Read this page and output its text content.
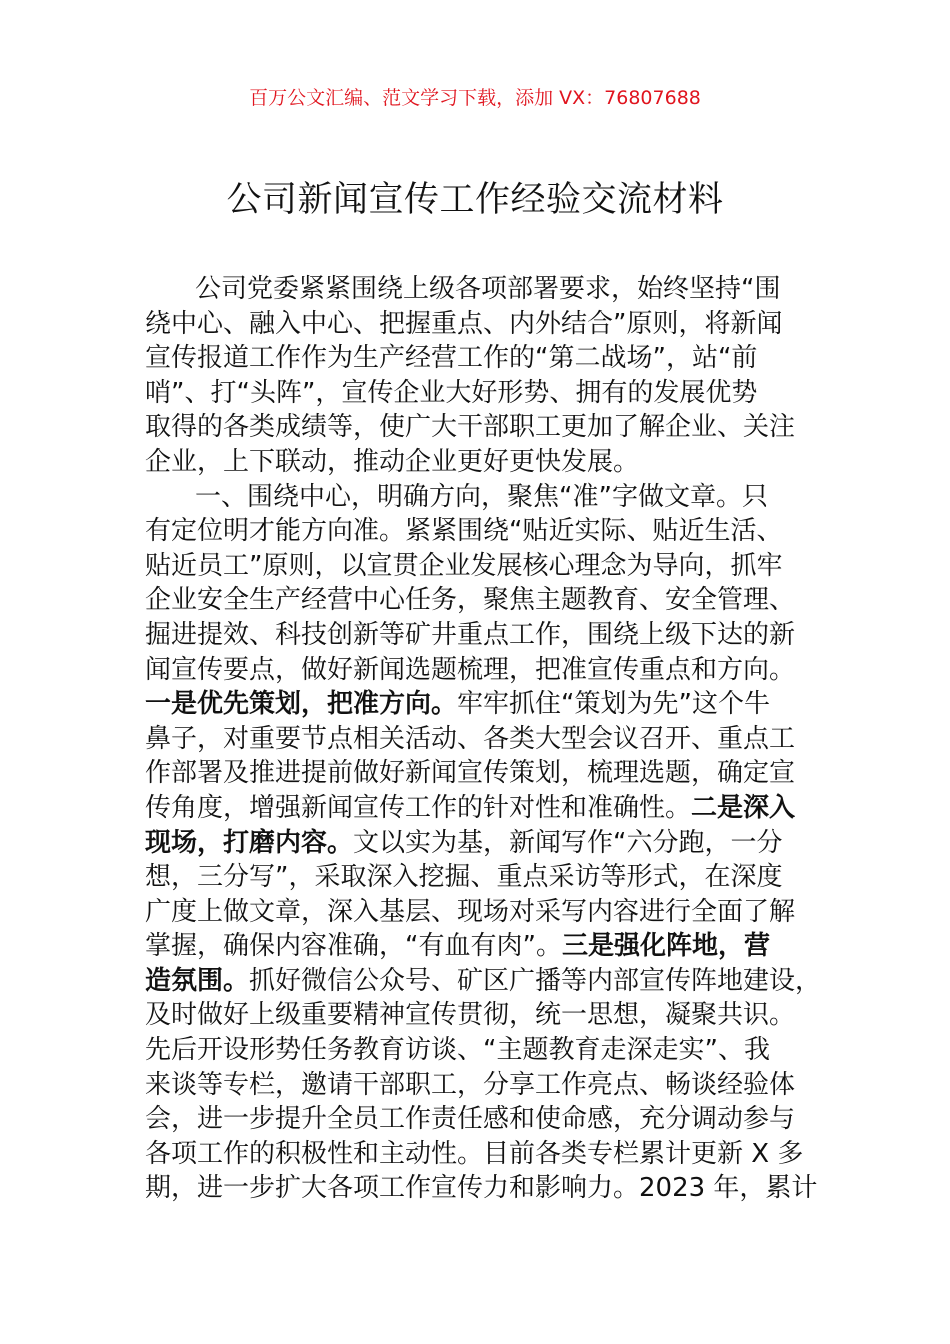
百万公文汇编、范文学习下载，添加 VX：76807688
公司新闻宣传工作经验交流材料
公司党委紧紧围绕上级各项部署要求，始终坚持“围
绕中心、融入中心、把握重点、内外结合”原则，将新闻
宣传报道工作作为生产经营工作的“第二战场”，站“前
哨”、打“头阵”，宣传企业大好形势、拥有的发展优势
取得的各类成绩等，使广大干部职工更加了解企业、关注
企业，上下联动，推动企业更好更快发展。
一、围绕中心，明确方向，聚焦“准”字做文章。只
有定位明才能方向准。紧紧围绕“贴近实际、贴近生活、
贴近员工”原则，以宣贯企业发展核心理念为导向，抓牢
企业安全生产经营中心任务，聚焦主题教育、安全管理、
掘进提效、科技创新等矿井重点工作，围绕上级下达的新
闻宣传要点，做好新闻选题梳理，把准宣传重点和方向。
一是优先策划，把准方向。牢牢抓住“策划为先”这个牛
鼻子，对重要节点相关活动、各类大型会议召开、重点工
作部署及推进提前做好新闻宣传策划，梳理选题，确定宣
传角度，增强新闻宣传工作的针对性和准确性。二是深入
现场，打磨内容。文以实为基，新闻写作“六分跑，一分
想，三分写”，采取深入挖掘、重点采访等形式，在深度
广度上做文章，深入基层、现场对采写内容进行全面了解
掌握，确保内容准确，“有血有肉”。三是强化阵地，营
造氛围。抓好微信公众号、矿区广播等内部宣传阵地建设，
及时做好上级重要精神宣传贯彻，统一思想，凝聚共识。
先后开设形势任务教育访谈、“主题教育走深走实”、我
来谈等专栏，邀请干部职工，分享工作亮点、畅谈经验体
会，进一步提升全员工作责任感和使命感，充分调动参与
各项工作的积极性和主动性。目前各类专栏累计更新 X 多
期，进一步扩大各项工作宣传力和影响力。2023 年，累计
